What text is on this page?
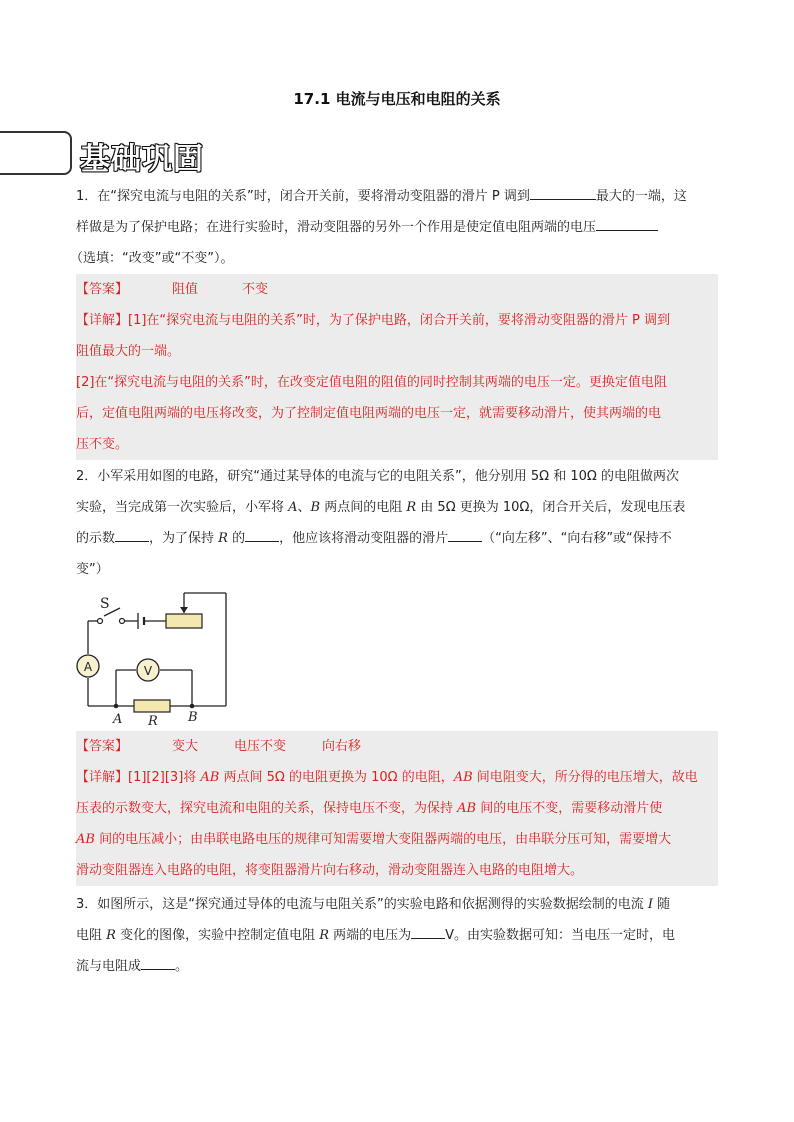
17.1 电流与电压和电阻的关系
基础巩固
1．在“探究电流与电阻的关系”时，闭合开关前，要将滑动变阻器的滑片 P 调到	最大的一端，这
样做是为了保护电路；在进行实验时，滑动变阻器的另外一个作用是使定值电阻两端的电压
（选填：“改变”或“不变”）。
【答案】	阻值	不变
【详解】[1]在“探究电流与电阻的关系”时，为了保护电路，闭合开关前，要将滑动变阻器的滑片 P 调到
阻值最大的一端。
[2]在“探究电流与电阻的关系”时，在改变定值电阻的阻值的同时控制其两端的电压一定。更换定值电阻
后，定值电阻两端的电压将改变，为了控制定值电阻两端的电压一定，就需要移动滑片，使其两端的电
压不变。
2．小军采用如图的电路，研究“通过某导体的电流与它的电阻关系”，他分别用 5Ω 和 10Ω 的电阻做两次
实验，当完成第一次实验后，小军将 A、B 两点间的电阻 R 由 5Ω 更换为 10Ω，闭合开关后，发现电压表
的示数	，为了保持 R 的	，他应该将滑动变阻器的滑片	（“向左移”、“向右移”或“保持不
变”）
S
A	V
A	B
R
【答案】	变大	电压不变	向右移
【详解】[1][2][3]将 AB 两点间 5Ω 的电阻更换为 10Ω 的电阻，AB 间电阻变大，所分得的电压增大，故电
压表的示数变大，探究电流和电阻的关系，保持电压不变，为保持 AB 间的电压不变，需要移动滑片使
AB 间的电压减小；由串联电路电压的规律可知需要增大变阻器两端的电压，由串联分压可知，需要增大
滑动变阻器连入电路的电阻，将变阻器滑片向右移动，滑动变阻器连入电路的电阻增大。
3．如图所示，这是“探究通过导体的电流与电阻关系”的实验电路和依据测得的实验数据绘制的电流 I 随
电阻 R 变化的图像，实验中控制定值电阻 R 两端的电压为	V。由实验数据可知：当电压一定时，电
流与电阻成	。
